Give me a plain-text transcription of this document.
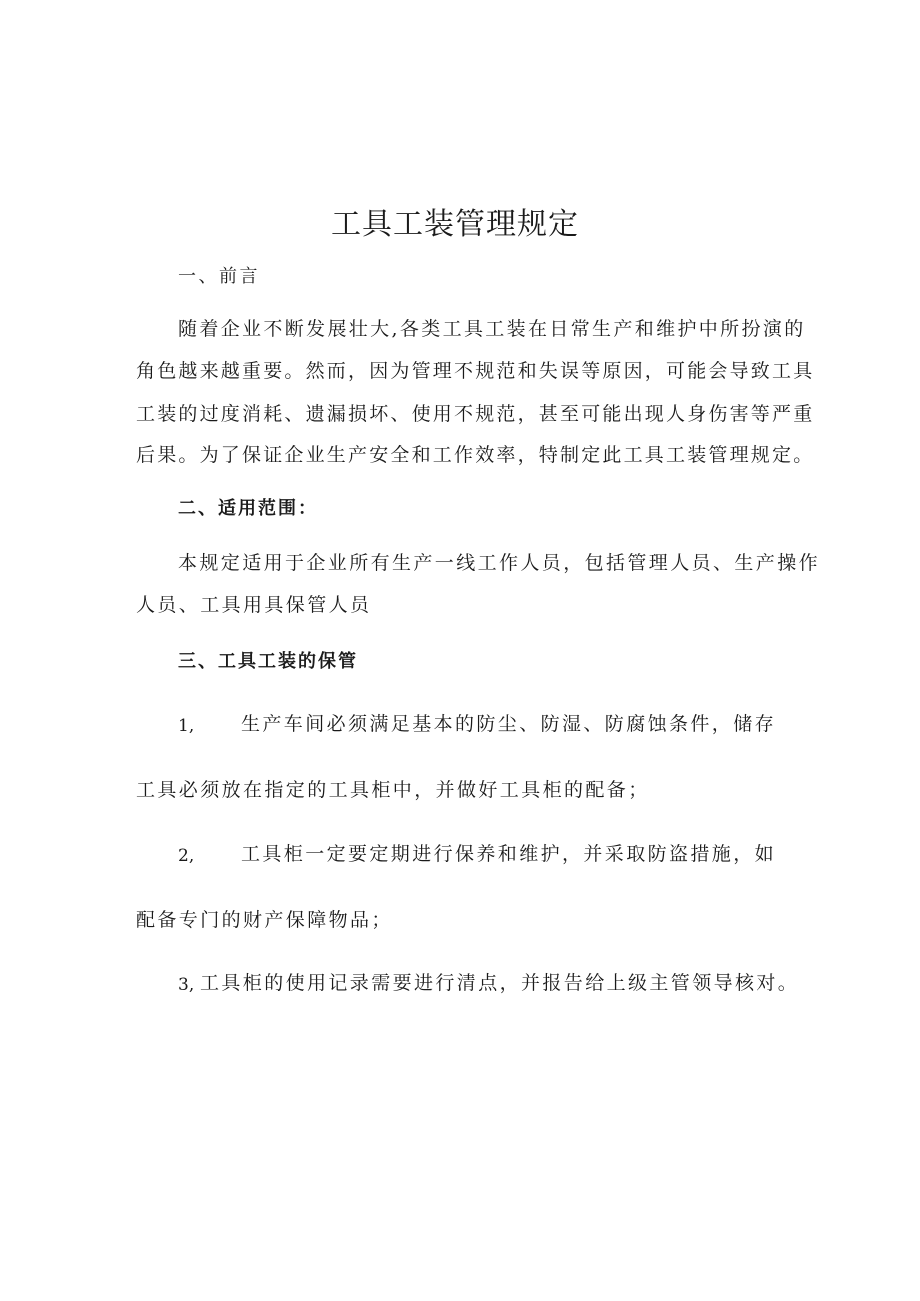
工具工装管理规定
一、前言
随着企业不断发展壮大,各类工具工装在日常生产和维护中所扮演的
角色越来越重要。然而，因为管理不规范和失误等原因，可能会导致工具
工装的过度消耗、遗漏损坏、使用不规范，甚至可能出现人身伤害等严重
后果。为了保证企业生产安全和工作效率，特制定此工具工装管理规定。
二、适用范围：
本规定适用于企业所有生产一线工作人员，包括管理人员、生产操作
人员、工具用具保管人员
三、工具工装的保管
1, 生产车间必须满足基本的防尘、防湿、防腐蚀条件，储存
工具必须放在指定的工具柜中，并做好工具柜的配备；
2, 工具柜一定要定期进行保养和维护，并采取防盗措施，如
配备专门的财产保障物品；
3, 工具柜的使用记录需要进行清点，并报告给上级主管领导核对。
